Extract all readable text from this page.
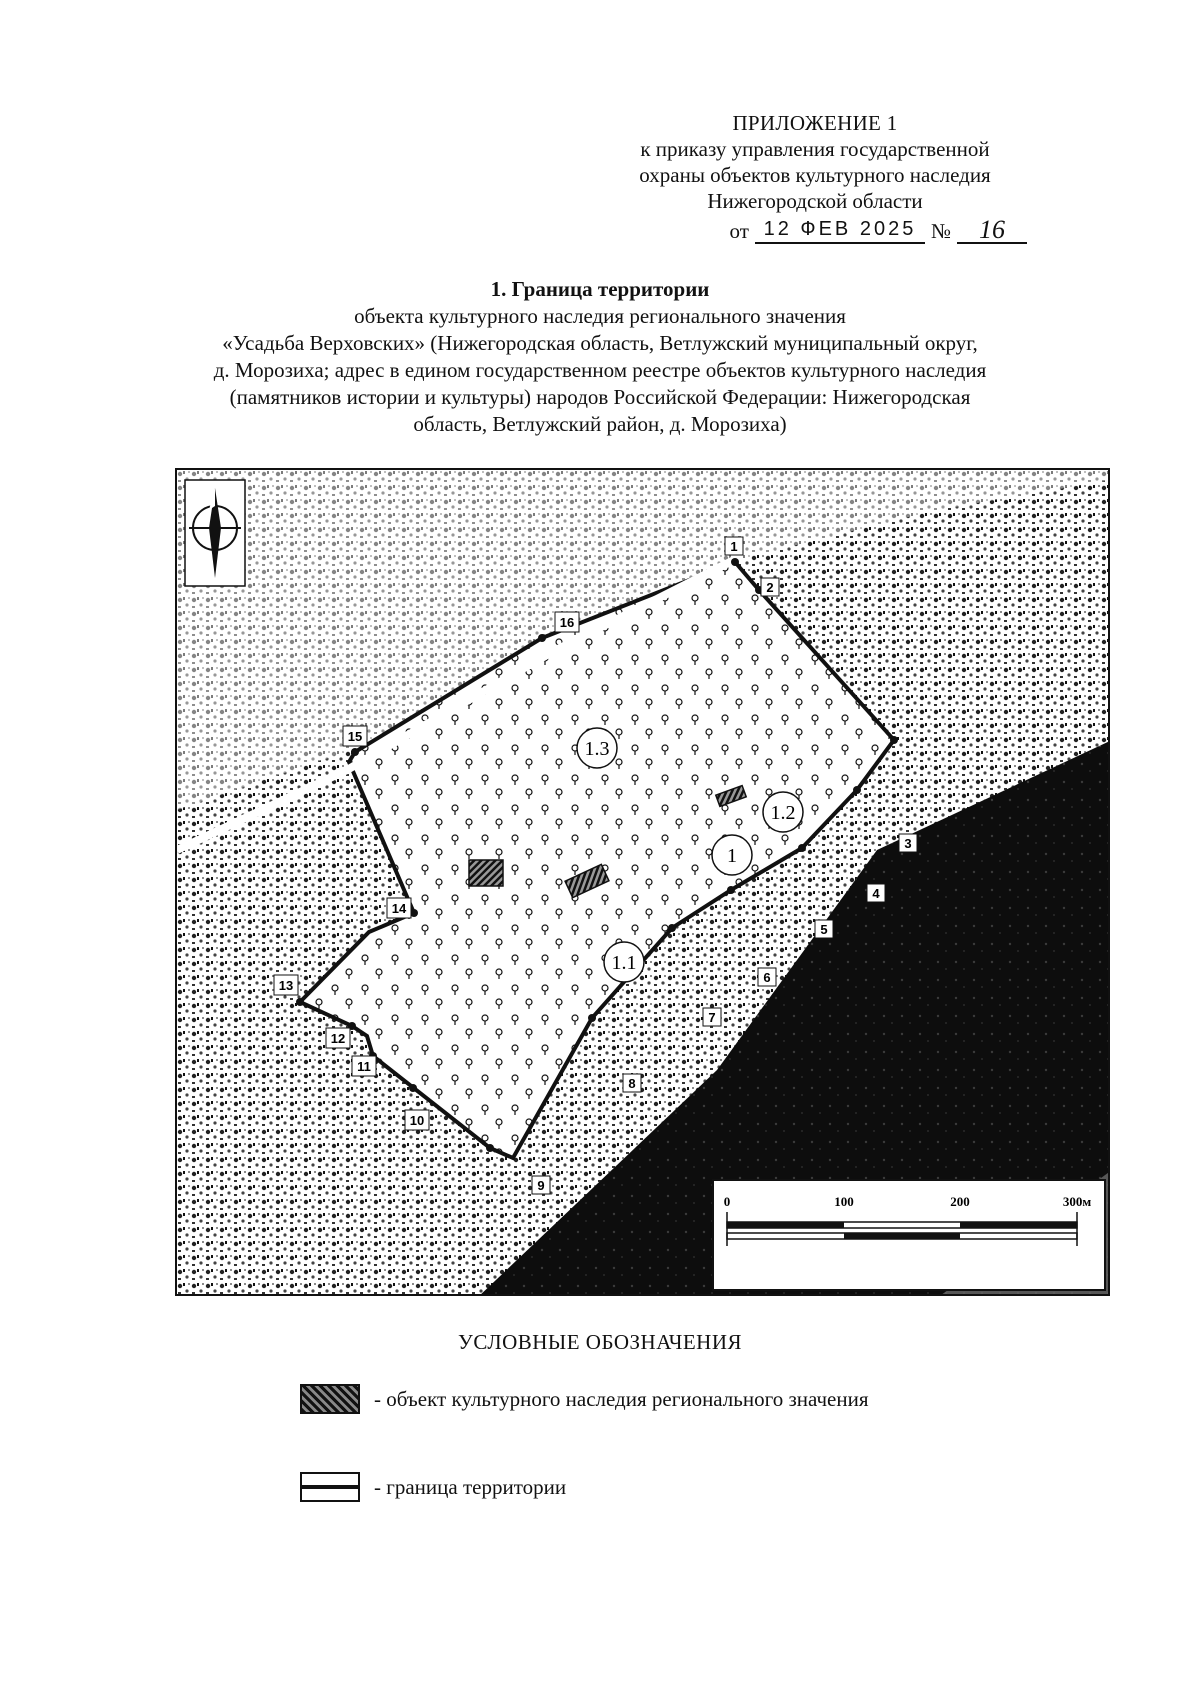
ПРИЛОЖЕНИЕ 1
к приказу управления государственной
охраны объектов культурного наследия
Нижегородской области
от 12 ФЕВ 2025 №	16
1. Граница территории
объекта культурного наследия регионального значения
«Усадьба Верховских» (Нижегородская область, Ветлужский муниципальный округ,
д. Морозиха; адрес в едином государственном реестре объектов культурного наследия
(памятников истории и культуры) народов Российской Федерации: Нижегородская
область, Ветлужский район, д. Морозиха)
1
2
3
4
5
6
7
8
9
10
11
12
13
14
15
16
1
1.1
1.2
1.3
0	100	200	300м
УСЛОВНЫЕ ОБОЗНАЧЕНИЯ
- объект культурного наследия регионального значения
- граница территории
